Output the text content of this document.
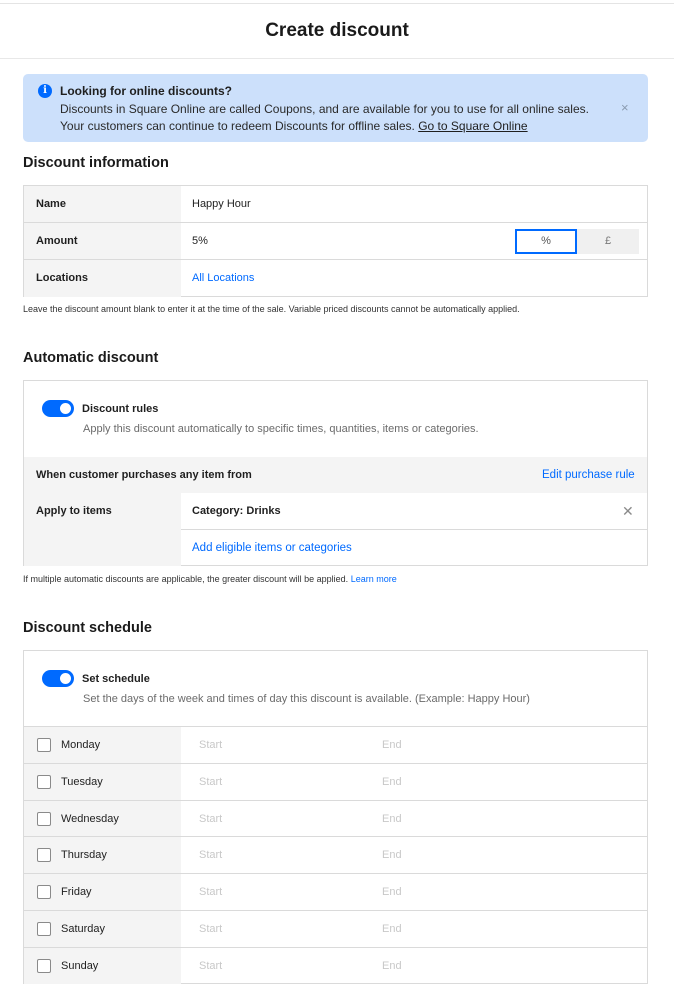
Create discount
i	Looking for online discounts?
Discounts in Square Online are called Coupons, and are available for you to use for all online sales. Your customers can continue to redeem Discounts for offline sales. Go to Square Online
×
Discount information
Name	Happy Hour
Amount	5%	%	£
Locations	All Locations
Leave the discount amount blank to enter it at the time of the sale. Variable priced discounts cannot be automatically applied.
Automatic discount
Discount rules
Apply this discount automatically to specific times, quantities, items or categories.
When customer purchases any item from	Edit purchase rule
Apply to items	Category: Drinks	✕
Add eligible items or categories
If multiple automatic discounts are applicable, the greater discount will be applied. Learn more
Discount schedule
Set schedule
Set the days of the week and times of day this discount is available. (Example: Happy Hour)
Monday	Start	End
Tuesday	Start	End
Wednesday	Start	End
Thursday	Start	End
Friday	Start	End
Saturday	Start	End
Sunday	Start	End
